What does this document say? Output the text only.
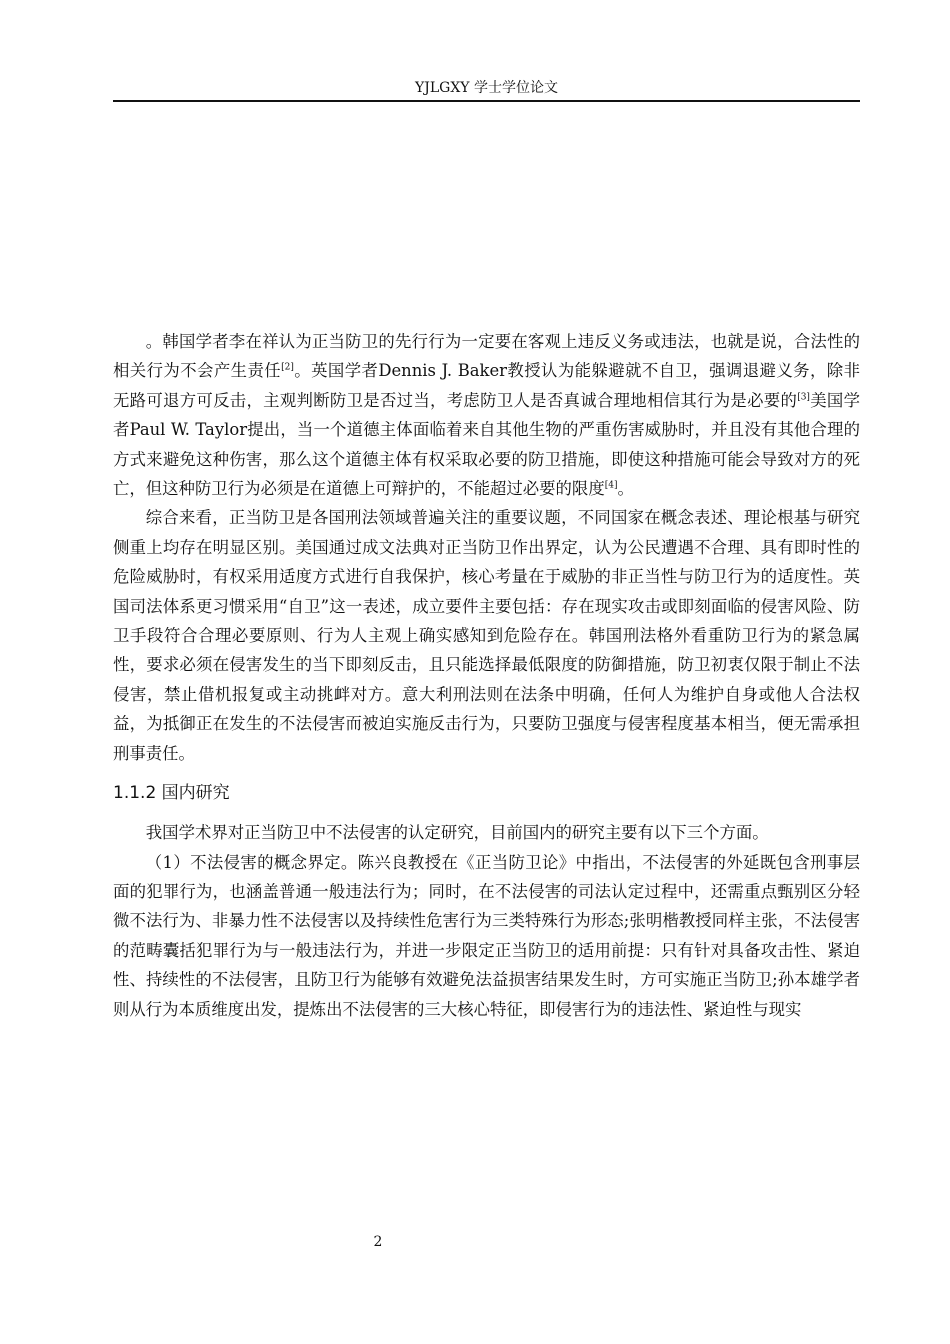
YJLGXY 学士学位论文

。韩国学者李在祥认为正当防卫的先行行为一定要在客观上违反义务或违法，也就是说，合法性的相关行为不会产生责任[2]。英国学者Dennis J. Baker教授认为能躲避就不自卫，强调退避义务，除非无路可退方可反击，主观判断防卫是否过当，考虑防卫人是否真诚合理地相信其行为是必要的[3]美国学者Paul W. Taylor提出，当一个道德主体面临着来自其他生物的严重伤害威胁时，并且没有其他合理的方式来避免这种伤害，那么这个道德主体有权采取必要的防卫措施，即使这种措施可能会导致对方的死亡，但这种防卫行为必须是在道德上可辩护的，不能超过必要的限度[4]。

综合来看，正当防卫是各国刑法领域普遍关注的重要议题，不同国家在概念表述、理论根基与研究侧重上均存在明显区别。美国通过成文法典对正当防卫作出界定，认为公民遭遇不合理、具有即时性的危险威胁时，有权采用适度方式进行自我保护，核心考量在于威胁的非正当性与防卫行为的适度性。英国司法体系更习惯采用“自卫”这一表述，成立要件主要包括：存在现实攻击或即刻面临的侵害风险、防卫手段符合合理必要原则、行为人主观上确实感知到危险存在。韩国刑法格外看重防卫行为的紧急属性，要求必须在侵害发生的当下即刻反击，且只能选择最低限度的防御措施，防卫初衷仅限于制止不法侵害，禁止借机报复或主动挑衅对方。意大利刑法则在法条中明确，任何人为维护自身或他人合法权益，为抵御正在发生的不法侵害而被迫实施反击行为，只要防卫强度与侵害程度基本相当，便无需承担刑事责任。

1.1.2 国内研究

我国学术界对正当防卫中不法侵害的认定研究，目前国内的研究主要有以下三个方面。

（1）不法侵害的概念界定。陈兴良教授在《正当防卫论》中指出，不法侵害的外延既包含刑事层面的犯罪行为，也涵盖普通一般违法行为；同时，在不法侵害的司法认定过程中，还需重点甄别区分轻微不法行为、非暴力性不法侵害以及持续性危害行为三类特殊行为形态;张明楷教授同样主张，不法侵害的范畴囊括犯罪行为与一般违法行为，并进一步限定正当防卫的适用前提：只有针对具备攻击性、紧迫性、持续性的不法侵害，且防卫行为能够有效避免法益损害结果发生时，方可实施正当防卫;孙本雄学者则从行为本质维度出发，提炼出不法侵害的三大核心特征，即侵害行为的违法性、紧迫性与现实

2
